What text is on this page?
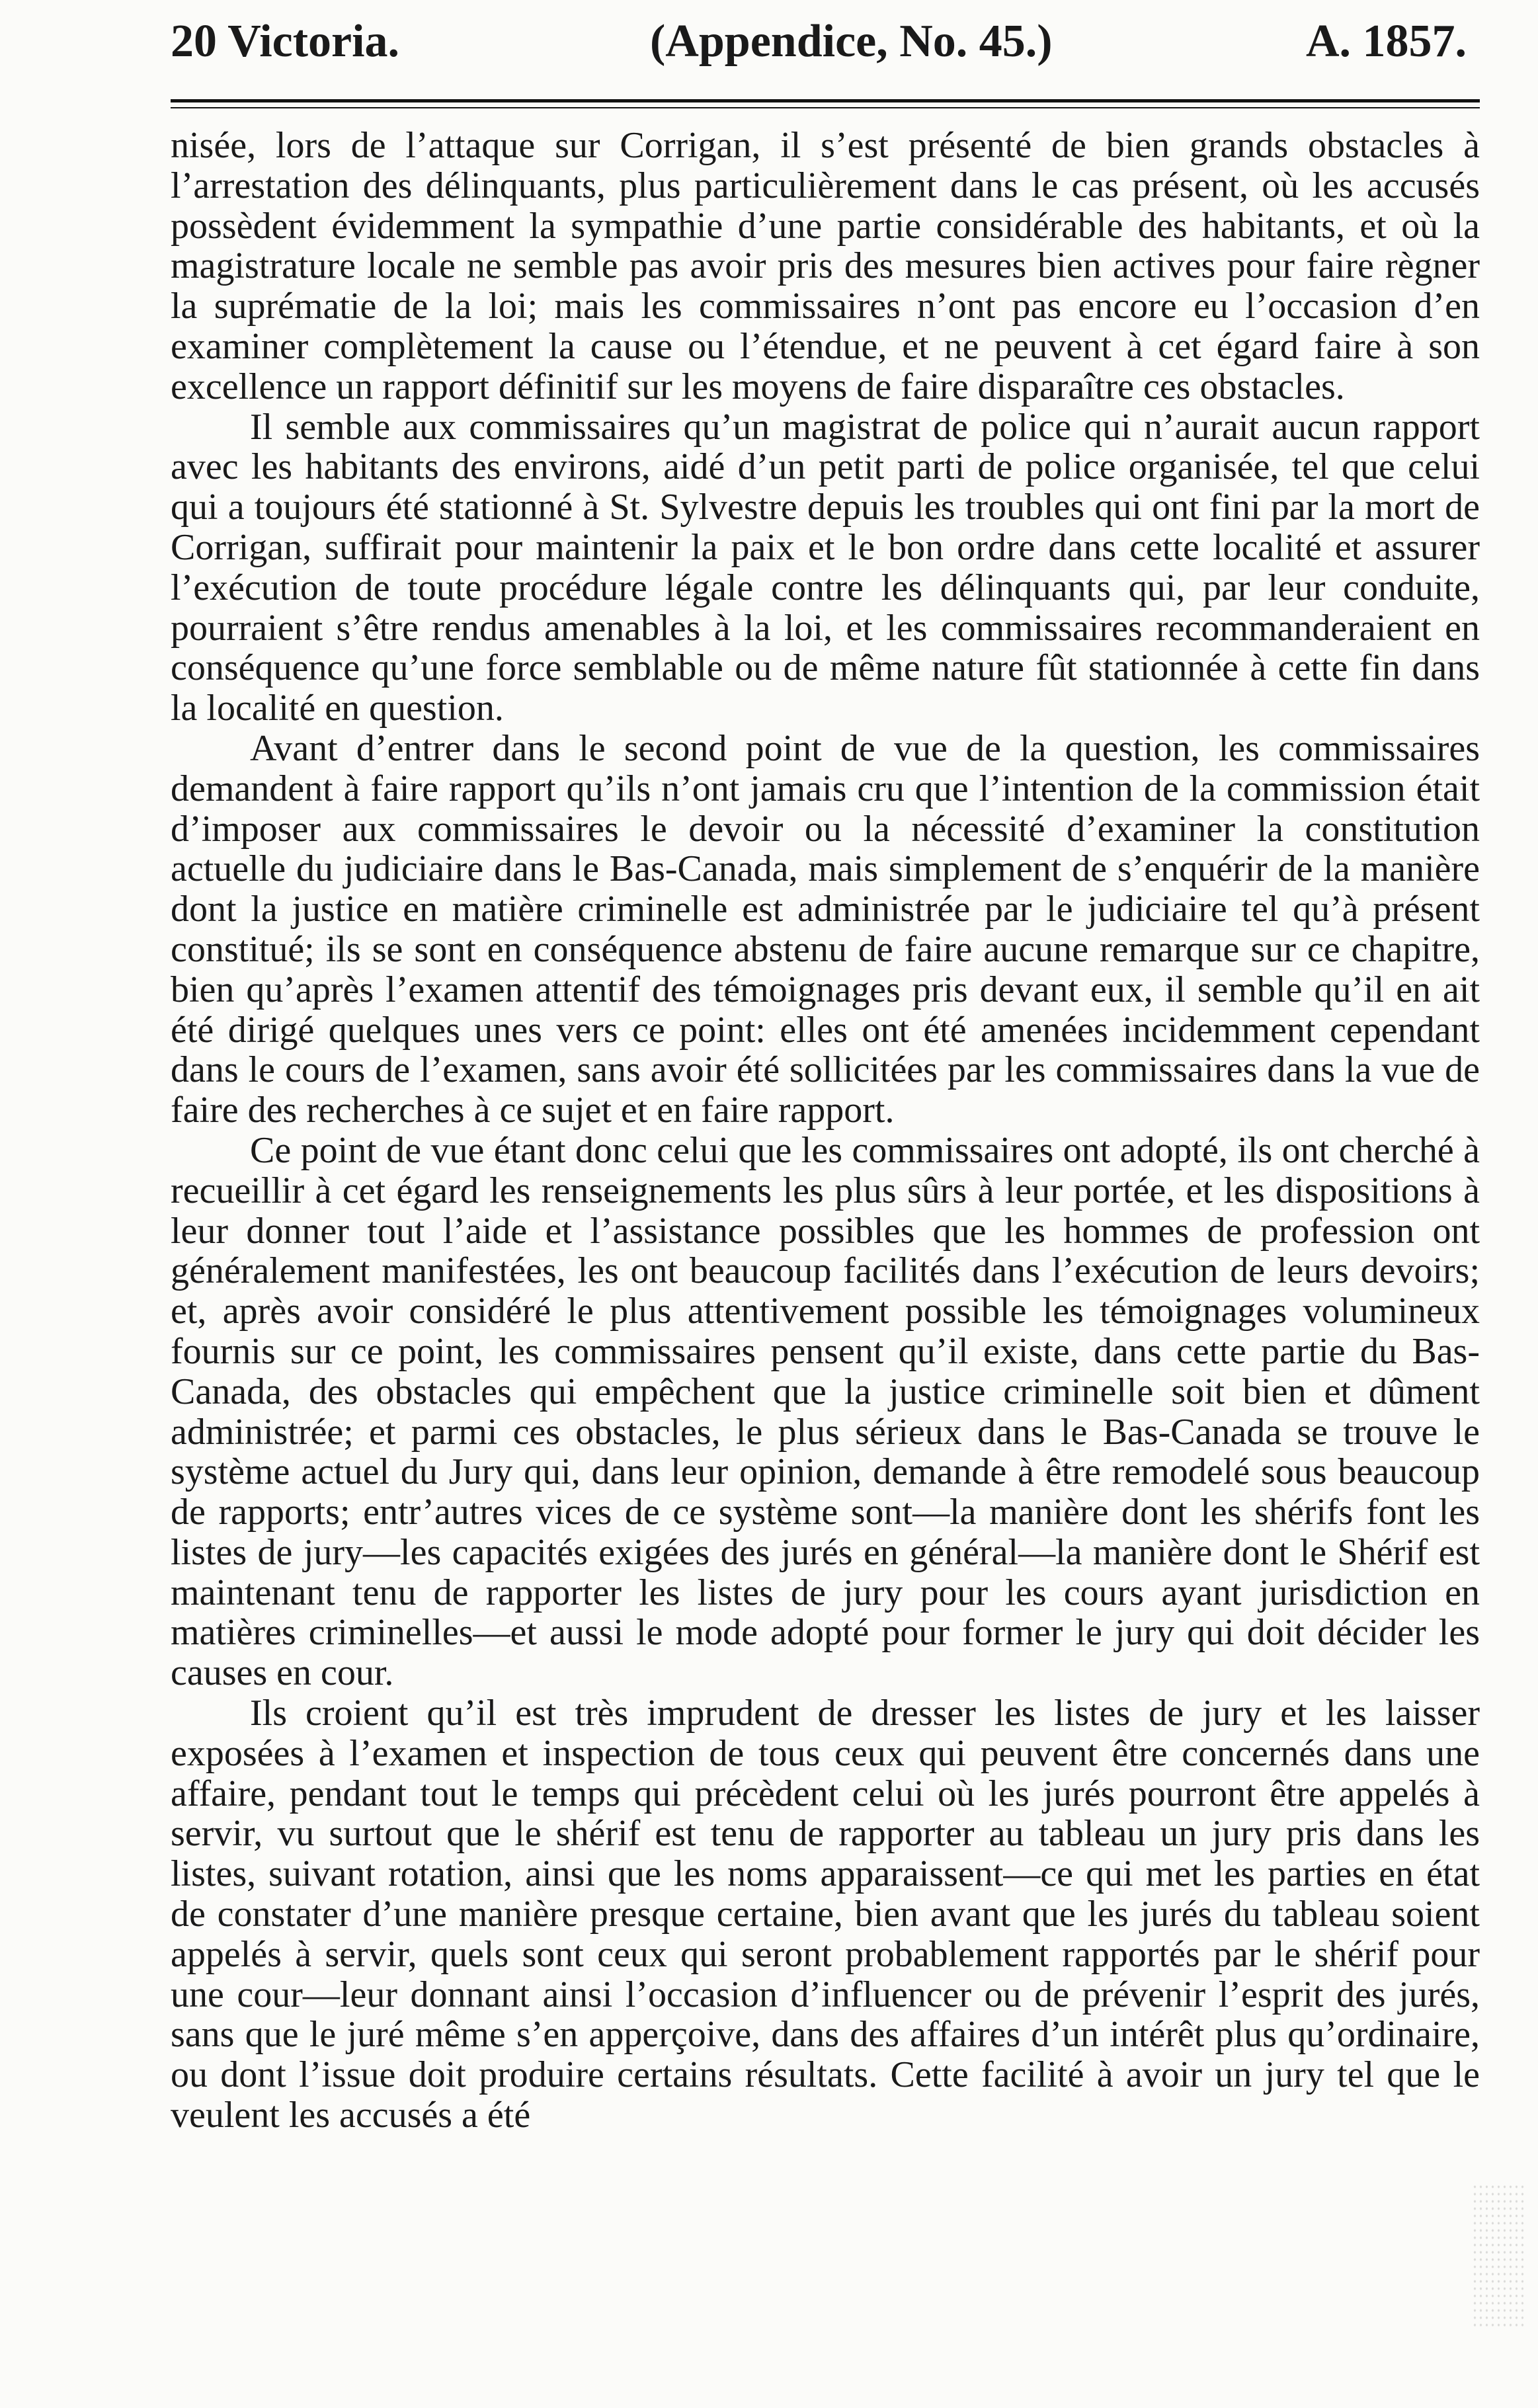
20 Victoria.	(Appendice, No. 45.)	A. 1857.

nisée, lors de l’attaque sur Corrigan, il s’est présenté de bien grands obstacles à l’arrestation des délinquants, plus particulièrement dans le cas présent, où les accusés possèdent évidemment la sympathie d’une partie considérable des habitants, et où la magistrature locale ne semble pas avoir pris des mesures bien actives pour faire règner la suprématie de la loi; mais les commissaires n’ont pas encore eu l’occasion d’en examiner complètement la cause ou l’étendue, et ne peuvent à cet égard faire à son excellence un rapport définitif sur les moyens de faire disparaître ces obstacles.

Il semble aux commissaires qu’un magistrat de police qui n’aurait aucun rapport avec les habitants des environs, aidé d’un petit parti de police organisée, tel que celui qui a toujours été stationné à St. Sylvestre depuis les troubles qui ont fini par la mort de Corrigan, suffirait pour maintenir la paix et le bon ordre dans cette localité et assurer l’exécution de toute procédure légale contre les délinquants qui, par leur conduite, pourraient s’être rendus amenables à la loi, et les commissaires recommanderaient en conséquence qu’une force semblable ou de même nature fût stationnée à cette fin dans la localité en question.

Avant d’entrer dans le second point de vue de la question, les commissaires demandent à faire rapport qu’ils n’ont jamais cru que l’intention de la commission était d’imposer aux commissaires le devoir ou la nécessité d’examiner la constitution actuelle du judiciaire dans le Bas-Canada, mais simplement de s’enquérir de la manière dont la justice en matière criminelle est administrée par le judiciaire tel qu’à présent constitué; ils se sont en conséquence abstenu de faire aucune remarque sur ce chapitre, bien qu’après l’examen attentif des témoignages pris devant eux, il semble qu’il en ait été dirigé quelques unes vers ce point: elles ont été amenées incidemment cependant dans le cours de l’examen, sans avoir été sollicitées par les commissaires dans la vue de faire des recherches à ce sujet et en faire rapport.

Ce point de vue étant donc celui que les commissaires ont adopté, ils ont cherché à recueillir à cet égard les renseignements les plus sûrs à leur portée, et les dispositions à leur donner tout l’aide et l’assistance possibles que les hommes de profession ont généralement manifestées, les ont beaucoup facilités dans l’exécution de leurs devoirs; et, après avoir considéré le plus attentivement possible les témoignages volumineux fournis sur ce point, les commissaires pensent qu’il existe, dans cette partie du Bas-Canada, des obstacles qui empêchent que la justice criminelle soit bien et dûment administrée; et parmi ces obstacles, le plus sérieux dans le Bas-Canada se trouve le système actuel du Jury qui, dans leur opinion, demande à être remodelé sous beaucoup de rapports; entr’autres vices de ce système sont—la manière dont les shérifs font les listes de jury—les capacités exigées des jurés en général—la manière dont le Shérif est maintenant tenu de rapporter les listes de jury pour les cours ayant jurisdiction en matières criminelles—et aussi le mode adopté pour former le jury qui doit décider les causes en cour.

Ils croient qu’il est très imprudent de dresser les listes de jury et les laisser exposées à l’examen et inspection de tous ceux qui peuvent être concernés dans une affaire, pendant tout le temps qui précèdent celui où les jurés pourront être appelés à servir, vu surtout que le shérif est tenu de rapporter au tableau un jury pris dans les listes, suivant rotation, ainsi que les noms apparaissent—ce qui met les parties en état de constater d’une manière presque certaine, bien avant que les jurés du tableau soient appelés à servir, quels sont ceux qui seront probablement rapportés par le shérif pour une cour—leur donnant ainsi l’occasion d’influencer ou de prévenir l’esprit des jurés, sans que le juré même s’en apperçoive, dans des affaires d’un intérêt plus qu’ordinaire, ou dont l’issue doit produire certains résultats. Cette facilité à avoir un jury tel que le veulent les accusés a été
